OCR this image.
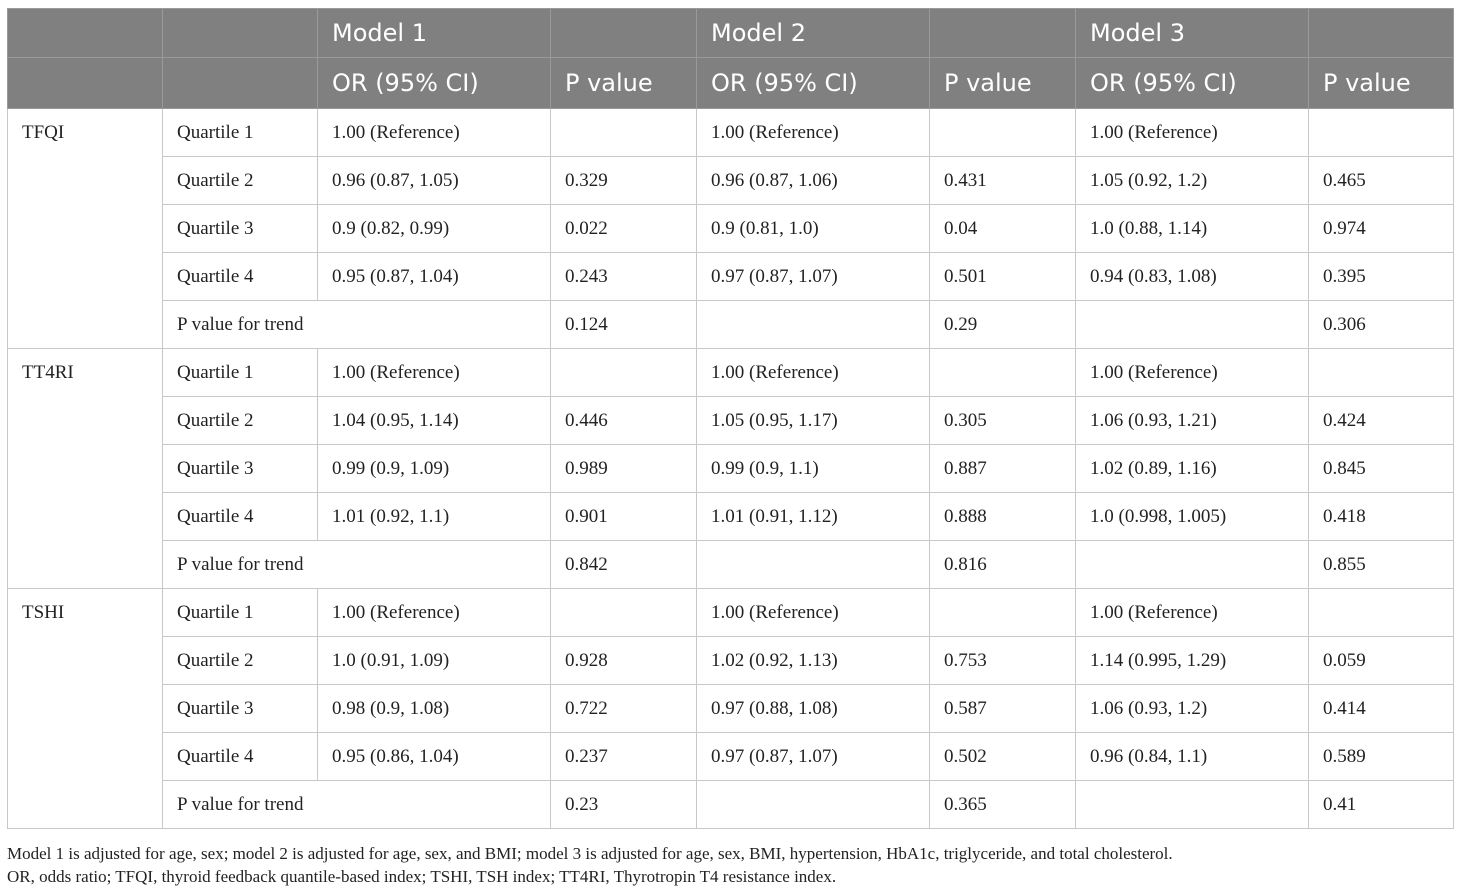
		Model 1		Model 2		Model 3	
		OR (95% CI)	P value	OR (95% CI)	P value	OR (95% CI)	P value
TFQI	Quartile 1	1.00 (Reference)		1.00 (Reference)		1.00 (Reference)	
	Quartile 2	0.96 (0.87, 1.05)	0.329	0.96 (0.87, 1.06)	0.431	1.05 (0.92, 1.2)	0.465
	Quartile 3	0.9 (0.82, 0.99)	0.022	0.9 (0.81, 1.0)	0.04	1.0 (0.88, 1.14)	0.974
	Quartile 4	0.95 (0.87, 1.04)	0.243	0.97 (0.87, 1.07)	0.501	0.94 (0.83, 1.08)	0.395
	P value for trend		0.124		0.29		0.306
TT4RI	Quartile 1	1.00 (Reference)		1.00 (Reference)		1.00 (Reference)	
	Quartile 2	1.04 (0.95, 1.14)	0.446	1.05 (0.95, 1.17)	0.305	1.06 (0.93, 1.21)	0.424
	Quartile 3	0.99 (0.9, 1.09)	0.989	0.99 (0.9, 1.1)	0.887	1.02 (0.89, 1.16)	0.845
	Quartile 4	1.01 (0.92, 1.1)	0.901	1.01 (0.91, 1.12)	0.888	1.0 (0.998, 1.005)	0.418
	P value for trend		0.842		0.816		0.855
TSHI	Quartile 1	1.00 (Reference)		1.00 (Reference)		1.00 (Reference)	
	Quartile 2	1.0 (0.91, 1.09)	0.928	1.02 (0.92, 1.13)	0.753	1.14 (0.995, 1.29)	0.059
	Quartile 3	0.98 (0.9, 1.08)	0.722	0.97 (0.88, 1.08)	0.587	1.06 (0.93, 1.2)	0.414
	Quartile 4	0.95 (0.86, 1.04)	0.237	0.97 (0.87, 1.07)	0.502	0.96 (0.84, 1.1)	0.589
	P value for trend		0.23		0.365		0.41
Model 1 is adjusted for age, sex; model 2 is adjusted for age, sex, and BMI; model 3 is adjusted for age, sex, BMI, hypertension, HbA1c, triglyceride, and total cholesterol.
OR, odds ratio; TFQI, thyroid feedback quantile-based index; TSHI, TSH index; TT4RI, Thyrotropin T4 resistance index.
